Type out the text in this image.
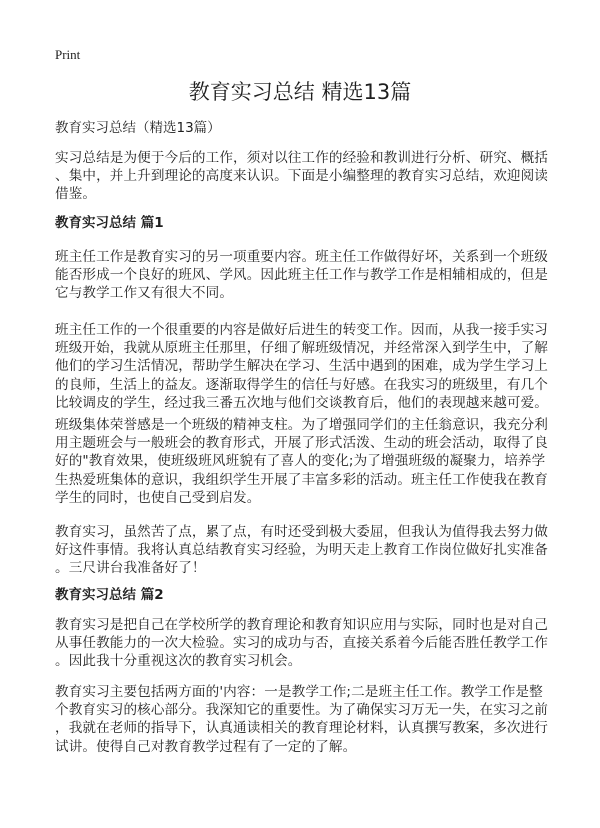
Print
教育实习总结 精选13篇
教育实习总结（精选13篇）
实习总结是为便于今后的工作，须对以往工作的经验和教训进行分析、研究、概括
、集中，并上升到理论的高度来认识。下面是小编整理的教育实习总结，欢迎阅读
借鉴。
教育实习总结 篇1
班主任工作是教育实习的另一项重要内容。班主任工作做得好坏，关系到一个班级
能否形成一个良好的班风、学风。因此班主任工作与教学工作是相辅相成的，但是
它与教学工作又有很大不同。
班主任工作的一个很重要的内容是做好后进生的转变工作。因而，从我一接手实习
班级开始，我就从原班主任那里，仔细了解班级情况，并经常深入到学生中，了解
他们的学习生活情况，帮助学生解决在学习、生活中遇到的困难，成为学生学习上
的良师，生活上的益友。逐渐取得学生的信任与好感。在我实习的班级里，有几个
比较调皮的学生，经过我三番五次地与他们交谈教育后，他们的表现越来越可爱。
班级集体荣誉感是一个班级的精神支柱。为了增强同学们的主任翁意识，我充分利
用主题班会与一般班会的教育形式，开展了形式活泼、生动的班会活动，取得了良
好的"教育效果，使班级班风班貌有了喜人的变化;为了增强班级的凝聚力，培养学
生热爱班集体的意识，我组织学生开展了丰富多彩的活动。班主任工作使我在教育
学生的同时，也使自己受到启发。
教育实习，虽然苦了点，累了点，有时还受到极大委屈，但我认为值得我去努力做
好这件事情。我将认真总结教育实习经验，为明天走上教育工作岗位做好扎实准备
。三尺讲台我准备好了！
教育实习总结 篇2
教育实习是把自己在学校所学的教育理论和教育知识应用与实际，同时也是对自己
从事任教能力的一次大检验。实习的成功与否，直接关系着今后能否胜任教学工作
。因此我十分重视这次的教育实习机会。
教育实习主要包括两方面的'内容：一是教学工作;二是班主任工作。教学工作是整
个教育实习的核心部分。我深知它的重要性。为了确保实习万无一失，在实习之前
，我就在老师的指导下，认真通读相关的教育理论材料，认真撰写教案，多次进行
试讲。使得自己对教育教学过程有了一定的了解。
